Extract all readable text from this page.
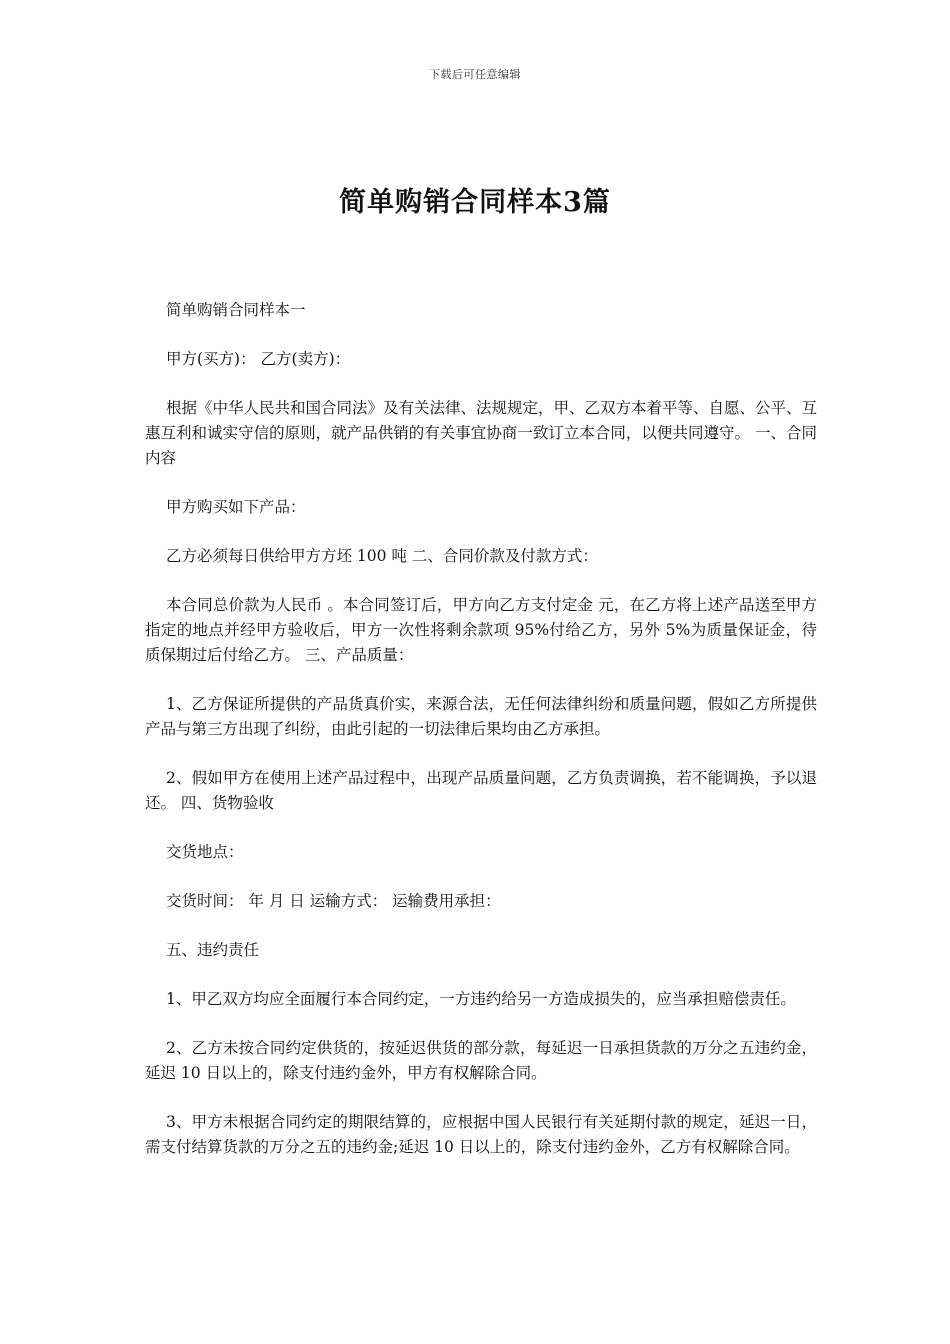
下载后可任意编辑
简单购销合同样本3篇

简单购销合同样本一

甲方(买方)： 乙方(卖方)：

根据《中华人民共和国合同法》及有关法律、法规规定，甲、乙双方本着平等、自愿、公平、互惠互利和诚实守信的原则，就产品供销的有关事宜协商一致订立本合同，以便共同遵守。 一、合同内容

甲方购买如下产品：

乙方必须每日供给甲方方坯 100 吨 二、合同价款及付款方式：

本合同总价款为人民币 。本合同签订后，甲方向乙方支付定金 元，在乙方将上述产品送至甲方指定的地点并经甲方验收后，甲方一次性将剩余款项 95%付给乙方，另外 5%为质量保证金，待质保期过后付给乙方。 三、产品质量：

1、乙方保证所提供的产品货真价实，来源合法，无任何法律纠纷和质量问题，假如乙方所提供产品与第三方出现了纠纷，由此引起的一切法律后果均由乙方承担。

2、假如甲方在使用上述产品过程中，出现产品质量问题，乙方负责调换，若不能调换，予以退还。 四、货物验收

交货地点：

交货时间： 年 月 日 运输方式： 运输费用承担：

五、违约责任

1、甲乙双方均应全面履行本合同约定，一方违约给另一方造成损失的，应当承担赔偿责任。

2、乙方未按合同约定供货的，按延迟供货的部分款，每延迟一日承担货款的万分之五违约金，延迟 10 日以上的，除支付违约金外，甲方有权解除合同。

3、甲方未根据合同约定的期限结算的，应根据中国人民银行有关延期付款的规定，延迟一日，需支付结算货款的万分之五的违约金;延迟 10 日以上的，除支付违约金外，乙方有权解除合同。
